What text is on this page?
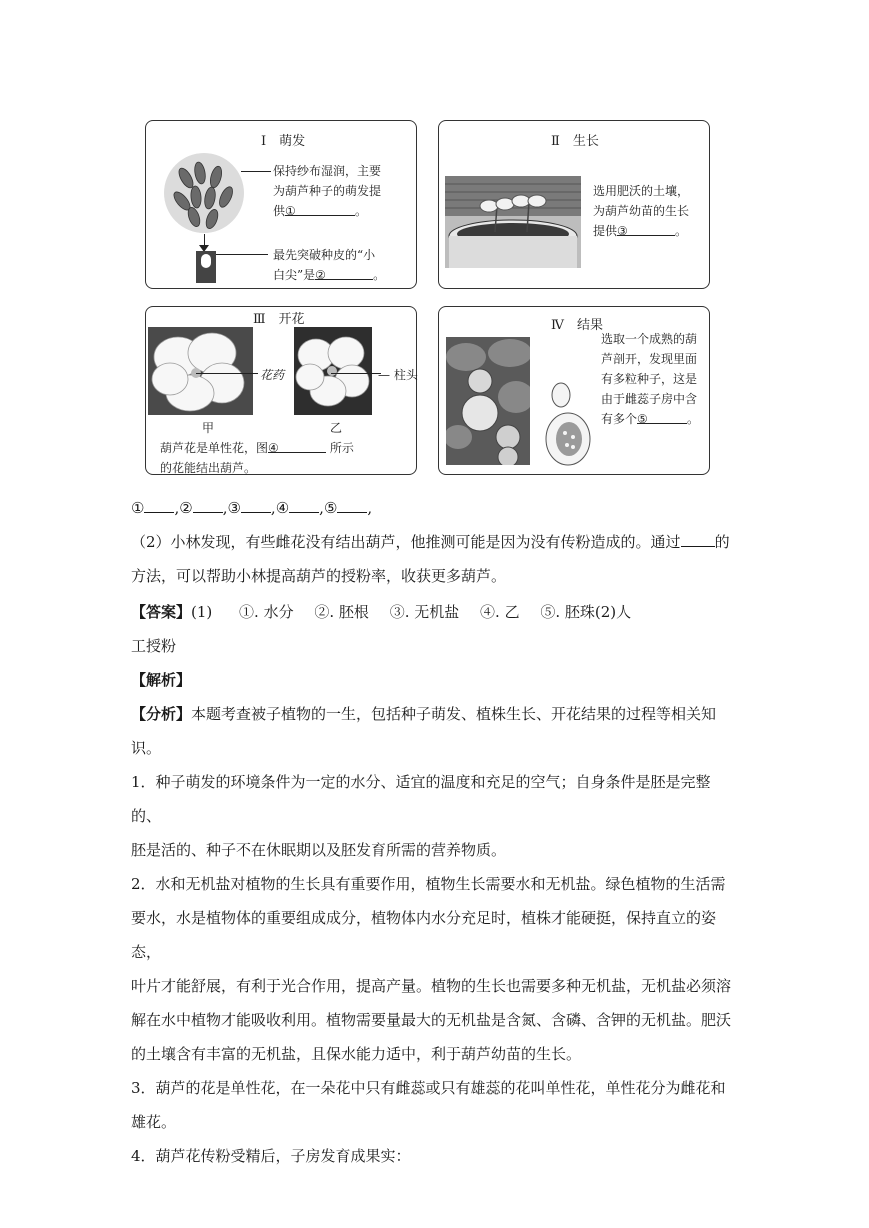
Ⅰ　萌发
保持纱布湿润，主要
为葫芦种子的萌发提
供①	。
最先突破种皮的“小
白尖”是②	。
Ⅱ　生长
选用肥沃的土壤，
为葫芦幼苗的生长
提供③	。
Ⅲ　开花
花药	— 柱头
甲	乙
葫芦花是单性花，图④	所示
的花能结出葫芦。
Ⅳ　结果
选取一个成熟的葫
芦剖开，发现里面
有多粒种子，这是
由于雌蕊子房中含
有多个⑤	。
① ,② ,③ ,④ ,⑤ ,
（2）小林发现，有些雌花没有结出葫芦，他推测可能是因为没有传粉造成的。通过 的
方法，可以帮助小林提高葫芦的授粉率，收获更多葫芦。
【答案】(1) ①. 水分 ②. 胚根 ③. 无机盐 ④. 乙 ⑤. 胚珠(2)人
工授粉
【解析】
【分析】本题考查被子植物的一生，包括种子萌发、植株生长、开花结果的过程等相关知识。
1．种子萌发的环境条件为一定的水分、适宜的温度和充足的空气；自身条件是胚是完整的、
胚是活的、种子不在休眠期以及胚发育所需的营养物质。
2．水和无机盐对植物的生长具有重要作用，植物生长需要水和无机盐。绿色植物的生活需
要水，水是植物体的重要组成成分，植物体内水分充足时，植株才能硬挺，保持直立的姿态，
叶片才能舒展，有利于光合作用，提高产量。植物的生长也需要多种无机盐，无机盐必须溶
解在水中植物才能吸收利用。植物需要量最大的无机盐是含氮、含磷、含钾的无机盐。肥沃
的土壤含有丰富的无机盐，且保水能力适中，利于葫芦幼苗的生长。
3．葫芦的花是单性花，在一朵花中只有雌蕊或只有雄蕊的花叫单性花，单性花分为雌花和
雄花。
4．葫芦花传粉受精后，子房发育成果实：
